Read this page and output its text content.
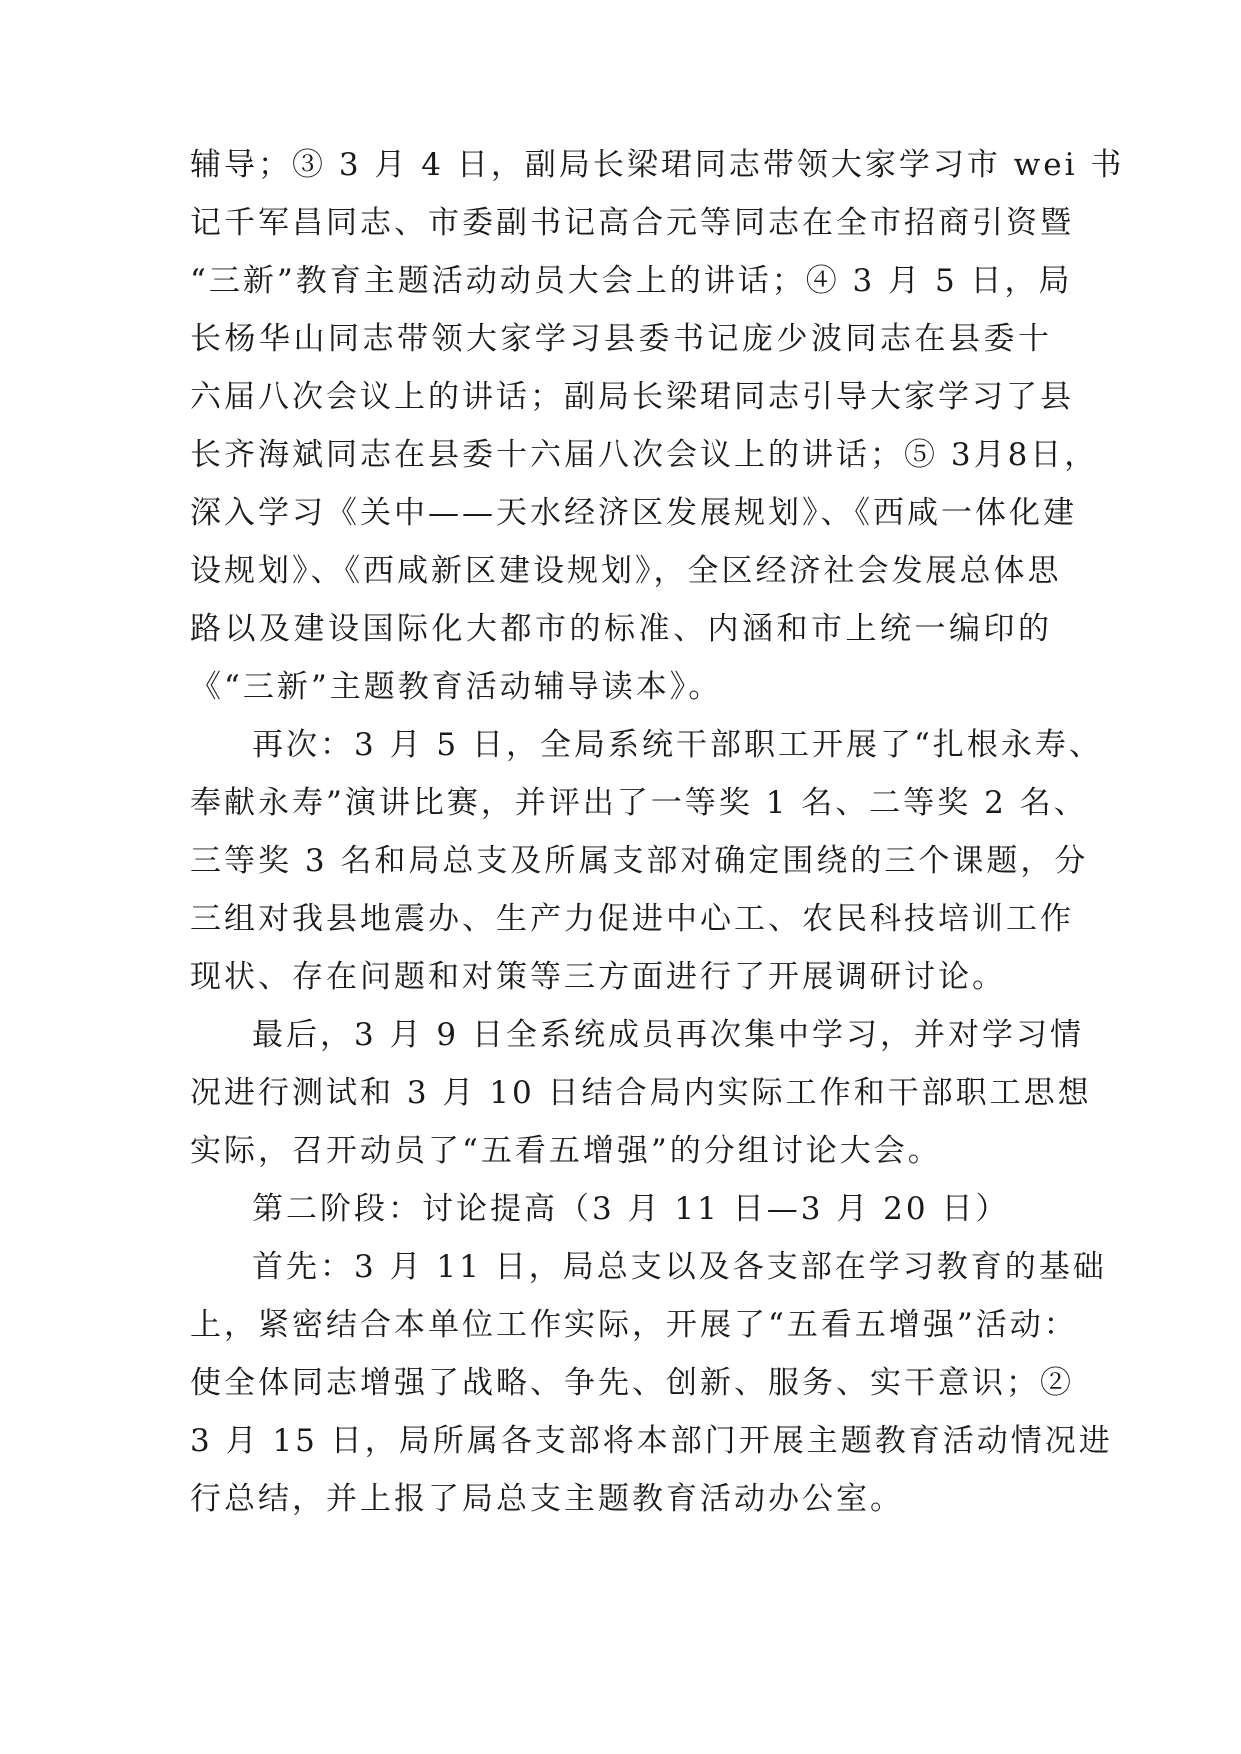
辅导；③ 3 月 4 日，副局长梁珺同志带领大家学习市 wei 书
记千军昌同志、市委副书记高合元等同志在全市招商引资暨
“三新”教育主题活动动员大会上的讲话；④ 3 月 5 日，局
长杨华山同志带领大家学习县委书记庞少波同志在县委十
六届八次会议上的讲话；副局长梁珺同志引导大家学习了县
长齐海斌同志在县委十六届八次会议上的讲话；⑤ 3月8日，
深入学习《关中——天水经济区发展规划》、《西咸一体化建
设规划》、《西咸新区建设规划》，全区经济社会发展总体思
路以及建设国际化大都市的标准、内涵和市上统一编印的
《“三新”主题教育活动辅导读本》。
再次：3 月 5 日，全局系统干部职工开展了“扎根永寿、
奉献永寿”演讲比赛，并评出了一等奖 1 名、二等奖 2 名、
三等奖 3 名和局总支及所属支部对确定围绕的三个课题，分
三组对我县地震办、生产力促进中心工、农民科技培训工作
现状、存在问题和对策等三方面进行了开展调研讨论。
最后，3 月 9 日全系统成员再次集中学习，并对学习情
况进行测试和 3 月 10 日结合局内实际工作和干部职工思想
实际，召开动员了“五看五增强”的分组讨论大会。
第二阶段：讨论提高（3 月 11 日—3 月 20 日）
首先：3 月 11 日，局总支以及各支部在学习教育的基础
上，紧密结合本单位工作实际，开展了“五看五增强”活动：
使全体同志增强了战略、争先、创新、服务、实干意识；②
3 月 15 日，局所属各支部将本部门开展主题教育活动情况进
行总结，并上报了局总支主题教育活动办公室。
